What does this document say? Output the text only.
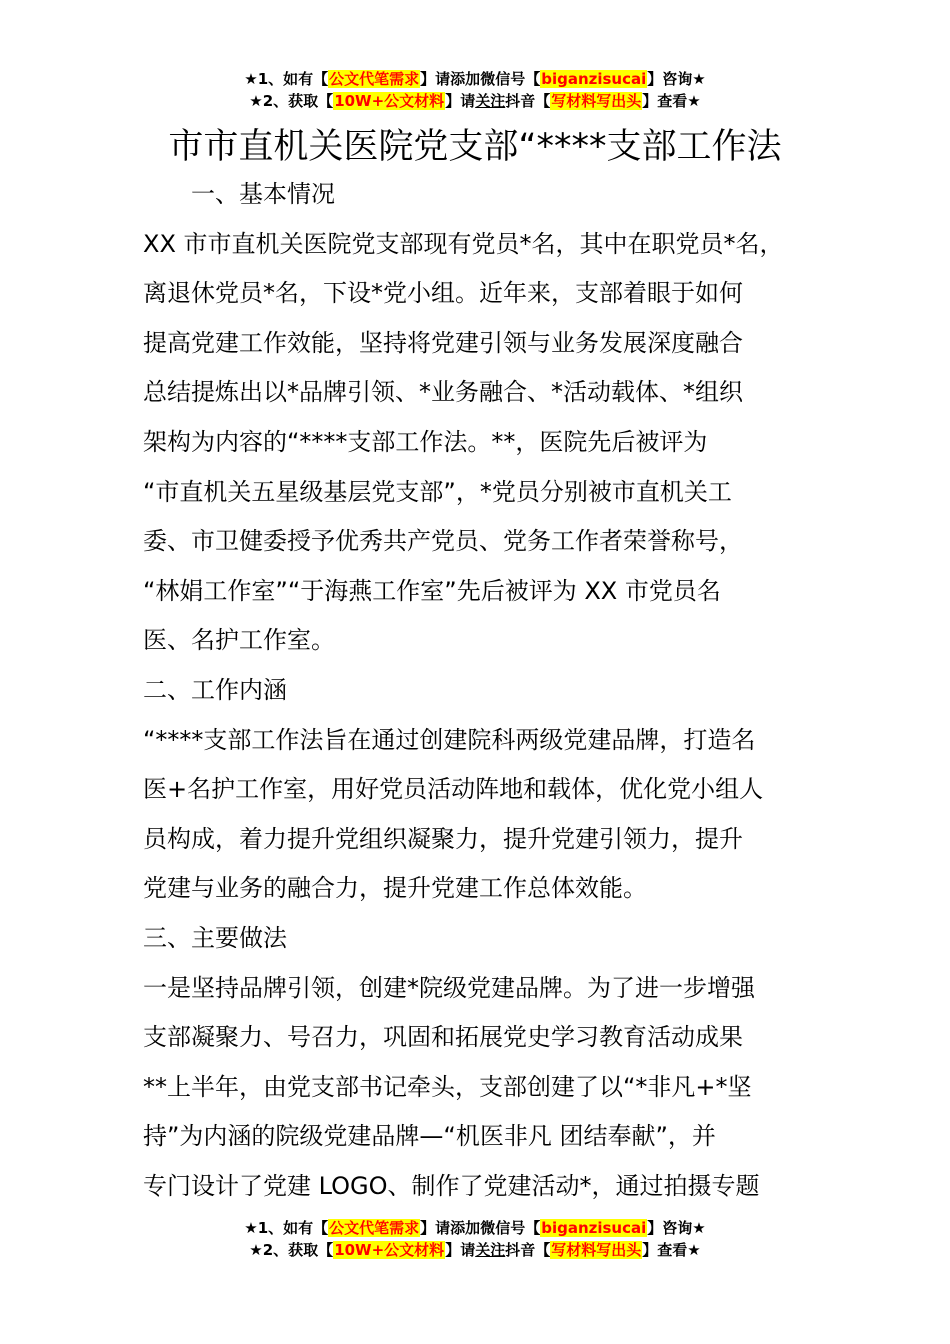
★1、如有【公文代笔需求】请添加微信号【biganzisucai】咨询★
★2、获取【10W+公文材料】请关注抖音【写材料写出头】查看★
市市直机关医院党支部“****支部工作法

一、基本情况

XX 市市直机关医院党支部现有党员*名，其中在职党员*名，

离退休党员*名，下设*党小组。近年来，支部着眼于如何

提高党建工作效能，坚持将党建引领与业务发展深度融合

总结提炼出以*品牌引领、*业务融合、*活动载体、*组织

架构为内容的“****支部工作法。**，医院先后被评为

“市直机关五星级基层党支部”，*党员分别被市直机关工

委、市卫健委授予优秀共产党员、党务工作者荣誉称号，

“林娟工作室”“于海燕工作室”先后被评为 XX 市党员名

医、名护工作室。

二、工作内涵

“****支部工作法旨在通过创建院科两级党建品牌，打造名

医+名护工作室，用好党员活动阵地和载体，优化党小组人

员构成，着力提升党组织凝聚力，提升党建引领力，提升

党建与业务的融合力，提升党建工作总体效能。

三、主要做法

一是坚持品牌引领，创建*院级党建品牌。为了进一步增强

支部凝聚力、号召力，巩固和拓展党史学习教育活动成果

**上半年，由党支部书记牵头，支部创建了以“*非凡+*坚

持”为内涵的院级党建品牌—“机医非凡 团结奉献”，并

专门设计了党建 LOGO、制作了党建活动*，通过拍摄专题

★1、如有【公文代笔需求】请添加微信号【biganzisucai】咨询★
★2、获取【10W+公文材料】请关注抖音【写材料写出头】查看★
